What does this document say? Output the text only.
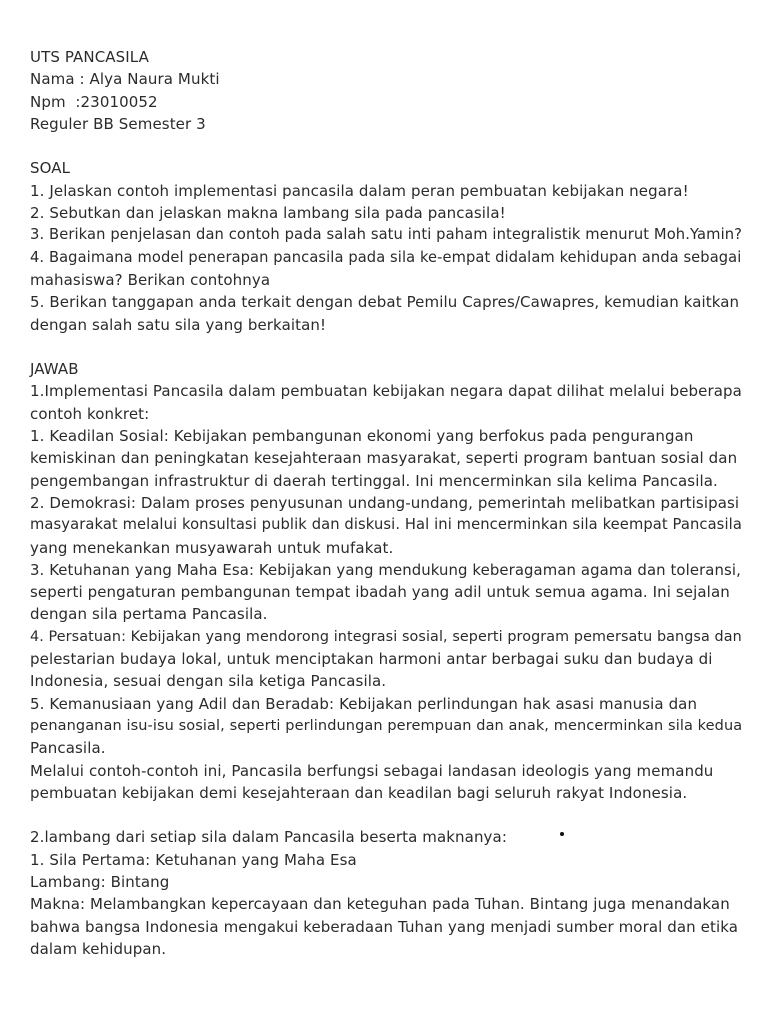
UTS PANCASILA
Nama : Alya Naura Mukti
Npm  :23010052
Reguler BB Semester 3
SOAL
1. Jelaskan contoh implementasi pancasila dalam peran pembuatan kebijakan negara!
2. Sebutkan dan jelaskan makna lambang sila pada pancasila!
3. Berikan penjelasan dan contoh pada salah satu inti paham integralistik menurut Moh.Yamin?
4. Bagaimana model penerapan pancasila pada sila ke-empat didalam kehidupan anda sebagai
mahasiswa? Berikan contohnya
5. Berikan tanggapan anda terkait dengan debat Pemilu Capres/Cawapres, kemudian kaitkan
dengan salah satu sila yang berkaitan!
JAWAB
1.Implementasi Pancasila dalam pembuatan kebijakan negara dapat dilihat melalui beberapa
contoh konkret:
1. Keadilan Sosial: Kebijakan pembangunan ekonomi yang berfokus pada pengurangan
kemiskinan dan peningkatan kesejahteraan masyarakat, seperti program bantuan sosial dan
pengembangan infrastruktur di daerah tertinggal. Ini mencerminkan sila kelima Pancasila.
2. Demokrasi: Dalam proses penyusunan undang-undang, pemerintah melibatkan partisipasi
masyarakat melalui konsultasi publik dan diskusi. Hal ini mencerminkan sila keempat Pancasila
yang menekankan musyawarah untuk mufakat.
3. Ketuhanan yang Maha Esa: Kebijakan yang mendukung keberagaman agama dan toleransi,
seperti pengaturan pembangunan tempat ibadah yang adil untuk semua agama. Ini sejalan
dengan sila pertama Pancasila.
4. Persatuan: Kebijakan yang mendorong integrasi sosial, seperti program pemersatu bangsa dan
pelestarian budaya lokal, untuk menciptakan harmoni antar berbagai suku dan budaya di
Indonesia, sesuai dengan sila ketiga Pancasila.
5. Kemanusiaan yang Adil dan Beradab: Kebijakan perlindungan hak asasi manusia dan
penanganan isu-isu sosial, seperti perlindungan perempuan dan anak, mencerminkan sila kedua
Pancasila.
Melalui contoh-contoh ini, Pancasila berfungsi sebagai landasan ideologis yang memandu
pembuatan kebijakan demi kesejahteraan dan keadilan bagi seluruh rakyat Indonesia.
2.lambang dari setiap sila dalam Pancasila beserta maknanya:
1. Sila Pertama: Ketuhanan yang Maha Esa
Lambang: Bintang
Makna: Melambangkan kepercayaan dan keteguhan pada Tuhan. Bintang juga menandakan
bahwa bangsa Indonesia mengakui keberadaan Tuhan yang menjadi sumber moral dan etika
dalam kehidupan.
